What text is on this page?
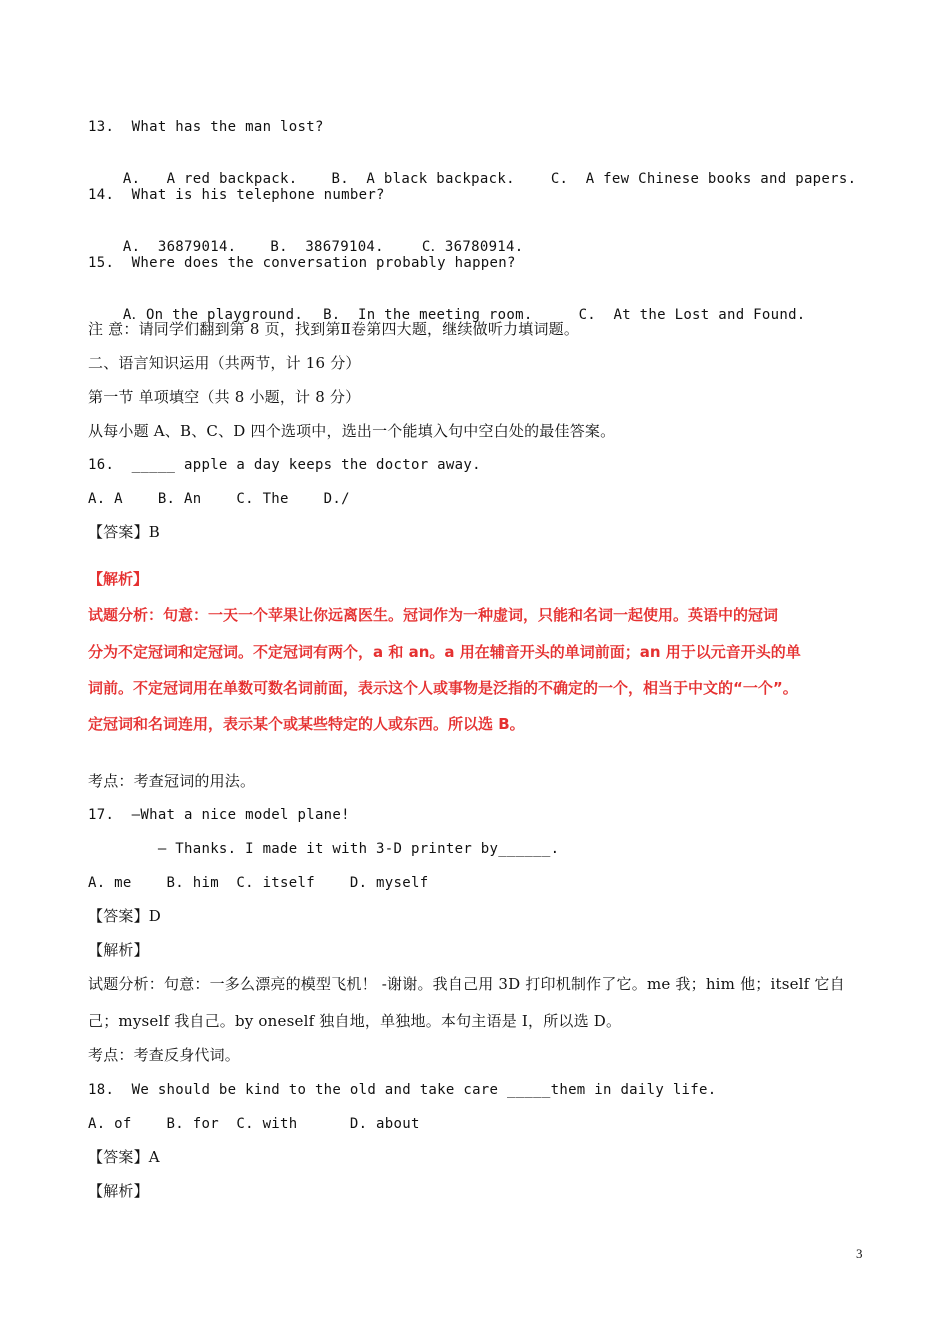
13.  What has the man lost?

A.   A red backpack. B.  A black backpack.	C.  A few Chinese books and papers.

14.  What is his telephone number?

A.  36879014. B.  38679104.	C．36780914.

15.  Where does the conversation probably happen?

A．On the playground. B.  In the meeting room.	C.  At the Lost and Found.

注 意：请同学们翻到第 8 页，找到第Ⅱ卷第四大题，继续做听力填词题。
二、语言知识运用（共两节，计 16 分）
第一节 单项填空（共 8 小题，计 8 分）
从每小题 A、B、C、D 四个选项中，选出一个能填入句中空白处的最佳答案。
16.  _____ apple a day keeps the doctor away.
A. A    B. An    C. The    D./
【答案】B
【解析】
试题分析：句意：一天一个苹果让你远离医生。冠词作为一种虚词，只能和名词一起使用。英语中的冠词
分为不定冠词和定冠词。不定冠词有两个，a 和 an。a 用在辅音开头的单词前面；an 用于以元音开头的单
词前。不定冠词用在单数可数名词前面，表示这个人或事物是泛指的不确定的一个，相当于中文的“一个”。
定冠词和名词连用，表示某个或某些特定的人或东西。所以选 B。
考点：考查冠词的用法。
17.  —What a nice model plane!
— Thanks. I made it with 3-D printer by______.
A. me    B. him  C. itself    D. myself
【答案】D
【解析】
试题分析：句意：一多么漂亮的模型飞机！ -谢谢。我自己用 3D 打印机制作了它。me 我；him 他；itself 它自
己；myself 我自己。by oneself 独自地，单独地。本句主语是 I，所以选 D。
考点：考查反身代词。
18.  We should be kind to the old and take care _____them in daily life.
A. of    B. for  C. with      D. about
【答案】A
【解析】
3
